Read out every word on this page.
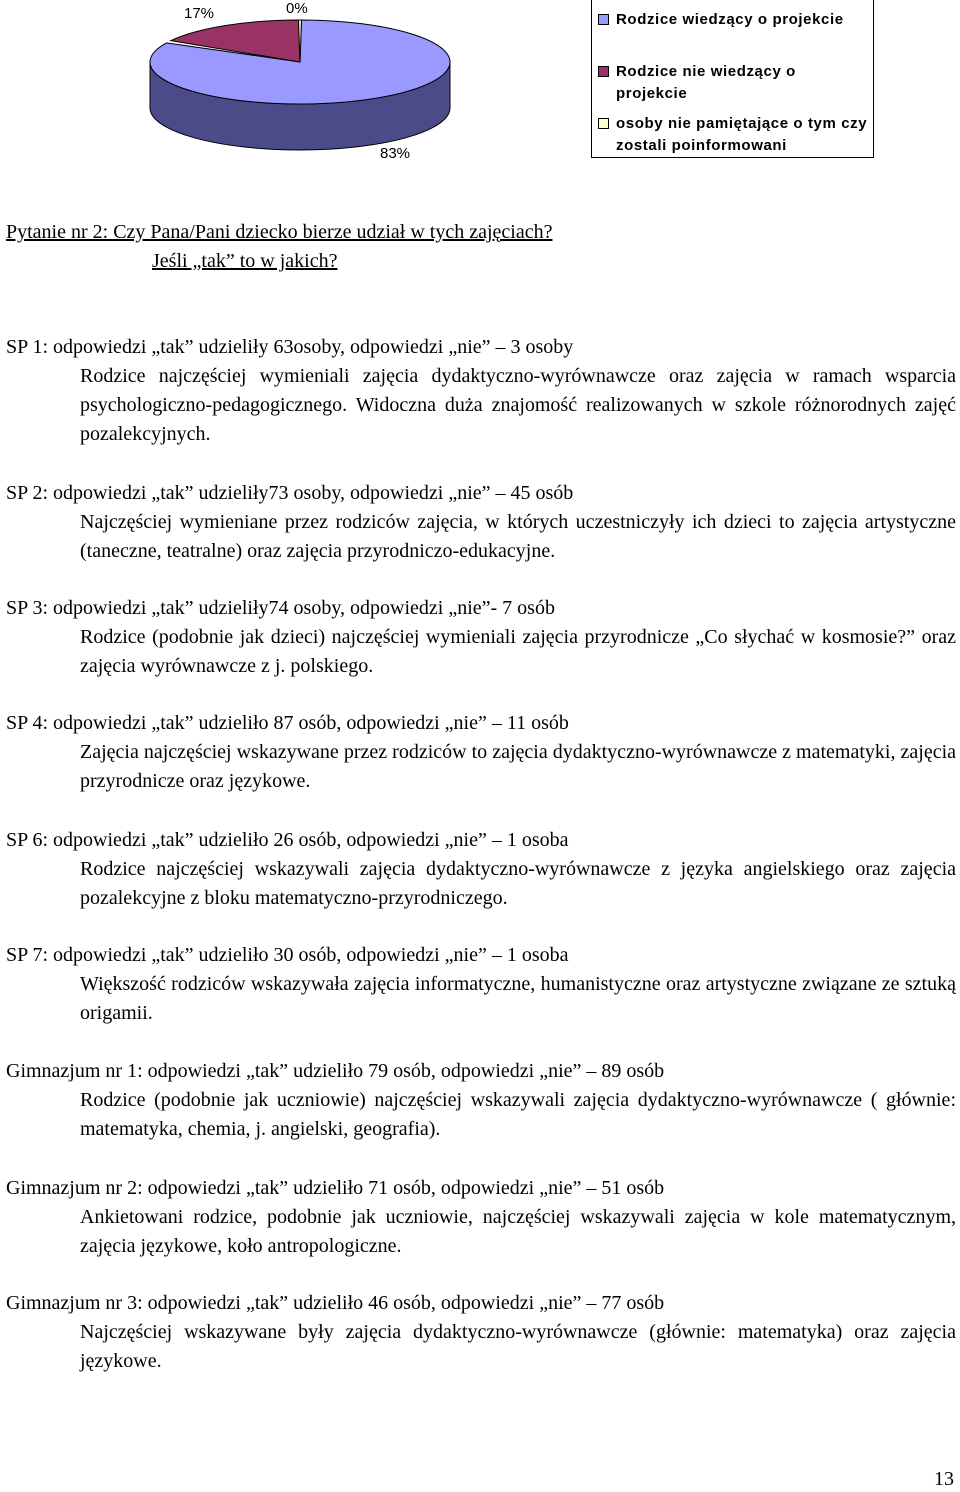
17%	0%
83%
Rodzice wiedzący o projekcie
Rodzice nie wiedzący o projekcie
osoby nie pamiętające o tym czy zostali poinformowani
Pytanie nr 2: Czy Pana/Pani dziecko bierze udział w tych zajęciach?
Jeśli „tak” to w jakich?
SP 1: odpowiedzi „tak” udzieliły 63osoby, odpowiedzi „nie” – 3 osoby
Rodzice najczęściej wymieniali zajęcia dydaktyczno-wyrównawcze oraz zajęcia w ramach wsparcia psychologiczno-pedagogicznego. Widoczna duża znajomość realizowanych w szkole różnorodnych zajęć pozalekcyjnych.
SP 2: odpowiedzi „tak” udzieliły73 osoby, odpowiedzi „nie” – 45 osób
Najczęściej wymieniane przez rodziców zajęcia, w których uczestniczyły ich dzieci to zajęcia artystyczne (taneczne, teatralne) oraz zajęcia przyrodniczo-edukacyjne.
SP 3: odpowiedzi „tak” udzieliły74 osoby, odpowiedzi „nie”- 7 osób
Rodzice (podobnie jak dzieci) najczęściej wymieniali zajęcia przyrodnicze „Co słychać w kosmosie?” oraz zajęcia wyrównawcze z j. polskiego.
SP 4: odpowiedzi „tak” udzieliło 87 osób, odpowiedzi „nie” – 11 osób
Zajęcia najczęściej wskazywane przez rodziców to zajęcia dydaktyczno-wyrównawcze z matematyki, zajęcia przyrodnicze oraz językowe.
SP 6: odpowiedzi „tak” udzieliło 26 osób, odpowiedzi „nie” – 1 osoba
Rodzice najczęściej wskazywali zajęcia dydaktyczno-wyrównawcze z języka angielskiego oraz zajęcia pozalekcyjne z bloku matematyczno-przyrodniczego.
SP 7: odpowiedzi „tak” udzieliło 30 osób, odpowiedzi „nie” – 1 osoba
Większość rodziców wskazywała zajęcia informatyczne, humanistyczne oraz artystyczne związane ze sztuką origamii.
Gimnazjum nr 1: odpowiedzi „tak” udzieliło 79 osób, odpowiedzi „nie” – 89 osób
Rodzice (podobnie jak uczniowie) najczęściej wskazywali zajęcia dydaktyczno-wyrównawcze ( głównie: matematyka, chemia, j. angielski, geografia).
Gimnazjum nr 2: odpowiedzi „tak” udzieliło 71 osób, odpowiedzi „nie” – 51 osób
Ankietowani rodzice, podobnie jak uczniowie, najczęściej wskazywali zajęcia w kole matematycznym, zajęcia językowe, koło antropologiczne.
Gimnazjum nr 3: odpowiedzi „tak” udzieliło 46 osób, odpowiedzi „nie” – 77 osób
Najczęściej wskazywane były zajęcia dydaktyczno-wyrównawcze (głównie: matematyka) oraz zajęcia językowe.
13
